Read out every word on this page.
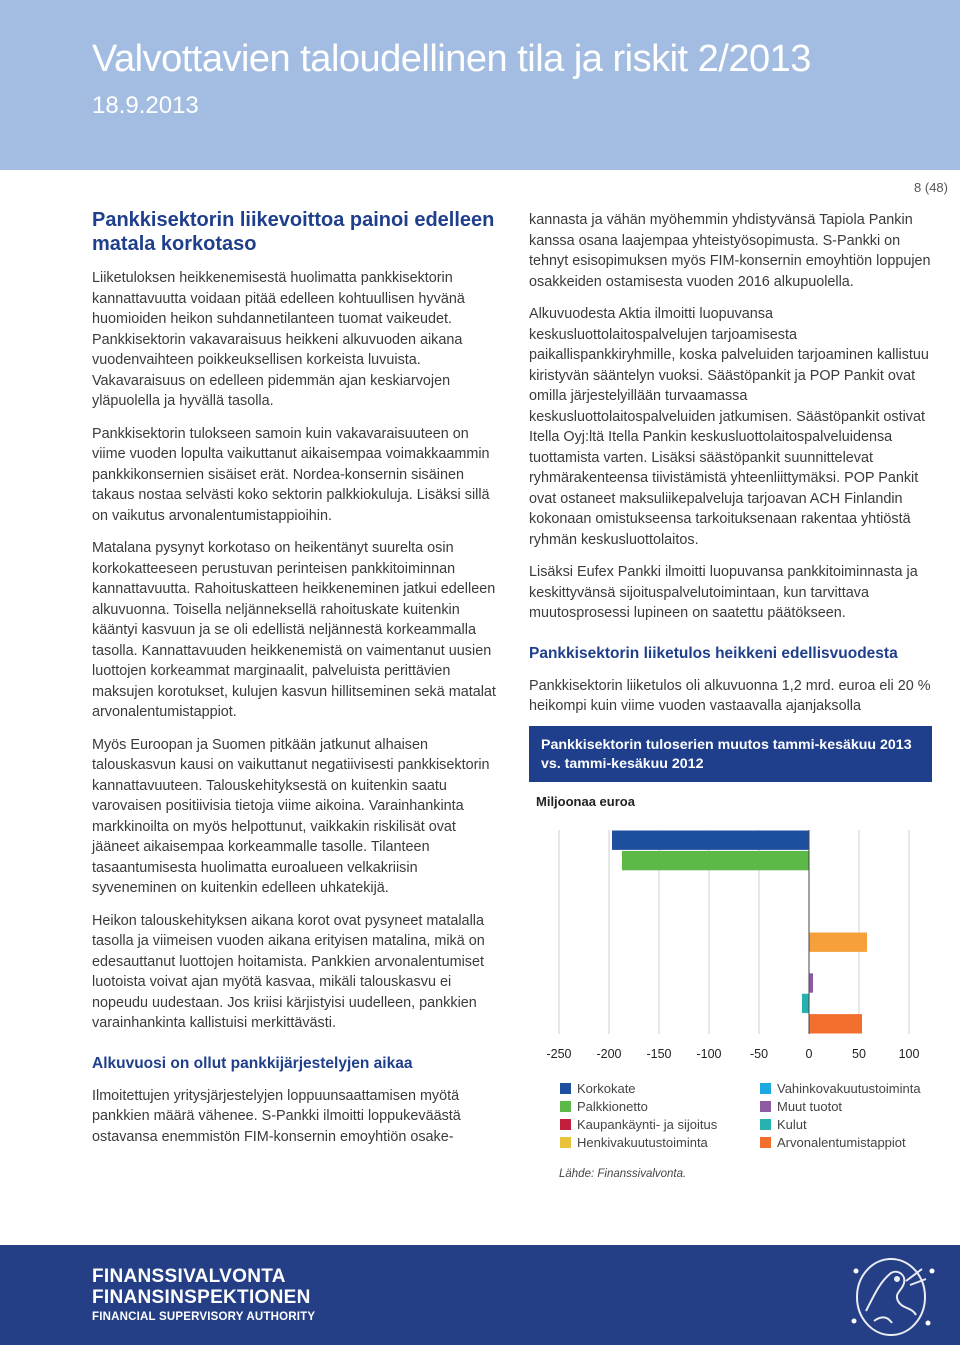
Valvottavien taloudellinen tila ja riskit 2/2013
18.9.2013
8 (48)
Pankkisektorin liikevoittoa painoi edelleen matala korkotaso

Liiketuloksen heikkenemisestä huolimatta pankkisektorin kannattavuutta voidaan pitää edelleen kohtuullisen hyvänä huomioiden heikon suhdannetilanteen tuomat vaikeudet. Pankkisektorin vakavaraisuus heikkeni alkuvuoden aikana vuodenvaihteen poikkeuksellisen korkeista luvuista. Vakavaraisuus on edelleen pidemmän ajan keskiarvojen yläpuolella ja hyvällä tasolla.

Pankkisektorin tulokseen samoin kuin vakavaraisuuteen on viime vuoden lopulta vaikuttanut aikaisempaa voimakkaammin pankkikonsernien sisäiset erät. Nordea-konsernin sisäinen takaus nostaa selvästi koko sektorin palkkiokuluja. Lisäksi sillä on vaikutus arvonalentumistappioihin.

Matalana pysynyt korkotaso on heikentänyt suurelta osin korkokatteeseen perustuvan perinteisen pankkitoiminnan kannattavuutta. Rahoituskatteen heikkeneminen jatkui edelleen alkuvuonna. Toisella neljänneksellä rahoituskate kuitenkin kääntyi kasvuun ja se oli edellistä neljännestä korkeammalla tasolla. Kannattavuuden heikkenemistä on vaimentanut uusien luottojen korkeammat marginaalit, palveluista perittävien maksujen korotukset, kulujen kasvun hillitseminen sekä matalat arvonalentumistappiot.

Myös Euroopan ja Suomen pitkään jatkunut alhaisen talouskasvun kausi on vaikuttanut negatiivisesti pankkisektorin kannattavuuteen. Talouskehityksestä on kuitenkin saatu varovaisen positiivisia tietoja viime aikoina. Varainhankinta markkinoilta on myös helpottunut, vaikkakin riskilisät ovat jääneet aikaisempaa korkeammalle tasolle. Tilanteen tasaantumisesta huolimatta euroalueen velkakriisin syveneminen on kuitenkin edelleen uhkatekijä.

Heikon talouskehityksen aikana korot ovat pysyneet matalalla tasolla ja viimeisen vuoden aikana erityisen matalina, mikä on edesauttanut luottojen hoitamista. Pankkien arvonalentumiset luotoista voivat ajan myötä kasvaa, mikäli talouskasvu ei nopeudu uudestaan. Jos kriisi kärjistyisi uudelleen, pankkien varainhankinta kallistuisi merkittävästi.

Alkuvuosi on ollut pankkijärjestelyjen aikaa

Ilmoitettujen yritysjärjestelyjen loppuunsaattamisen myötä pankkien määrä vähenee. S-Pankki ilmoitti loppukeväästä ostavansa enemmistön FIM-konsernin emoyhtiön osake-

kannasta ja vähän myöhemmin yhdistyvänsä Tapiola Pankin kanssa osana laajempaa yhteistyösopimusta. S-Pankki on tehnyt esisopimuksen myös FIM-konsernin emoyhtiön loppujen osakkeiden ostamisesta vuoden 2016 alkupuolella.

Alkuvuodesta Aktia ilmoitti luopuvansa keskusluottolaitospalvelujen tarjoamisesta paikallispankkiryhmille, koska palveluiden tarjoaminen kallistuu kiristyvän sääntelyn vuoksi. Säästöpankit ja POP Pankit ovat omilla järjestelyillään turvaamassa keskusluottolaitospalveluiden jatkumisen. Säästöpankit ostivat Itella Oyj:ltä Itella Pankin keskusluottolaitospalveluidensa tuottamista varten. Lisäksi säästöpankit suunnittelevat ryhmärakenteensa tiivistämistä yhteenliittymäksi. POP Pankit ovat ostaneet maksuliikepalveluja tarjoavan ACH Finlandin kokonaan omistukseensa tarkoituksenaan rakentaa yhtiöstä ryhmän keskusluottolaitos.

Lisäksi Eufex Pankki ilmoitti luopuvansa pankkitoiminnasta ja keskittyvänsä sijoituspalvelutoimintaan, kun tarvittava muutosprosessi lupineen on saatettu päätökseen.

Pankkisektorin liiketulos heikkeni edellisvuodesta

Pankkisektorin liiketulos oli alkuvuonna 1,2 mrd. euroa eli 20 % heikompi kuin viime vuoden vastaavalla ajanjaksolla

Pankkisektorin tuloserien muutos tammi-kesäkuu 2013 vs. tammi-kesäkuu 2012
Miljoonaa euroa
-250 -200 -150 -100 -50	0	50	100
Korkokate
Palkkionetto
Kaupankäynti- ja sijoitus
Henkivakuutustoiminta
Vahinkovakuutustoiminta
Muut tuotot
Kulut
Arvonalentumistappiot
Lähde: Finanssivalvonta.
FINANSSIVALVONTA
FINANSINSPEKTIONEN
FINANCIAL SUPERVISORY AUTHORITY
